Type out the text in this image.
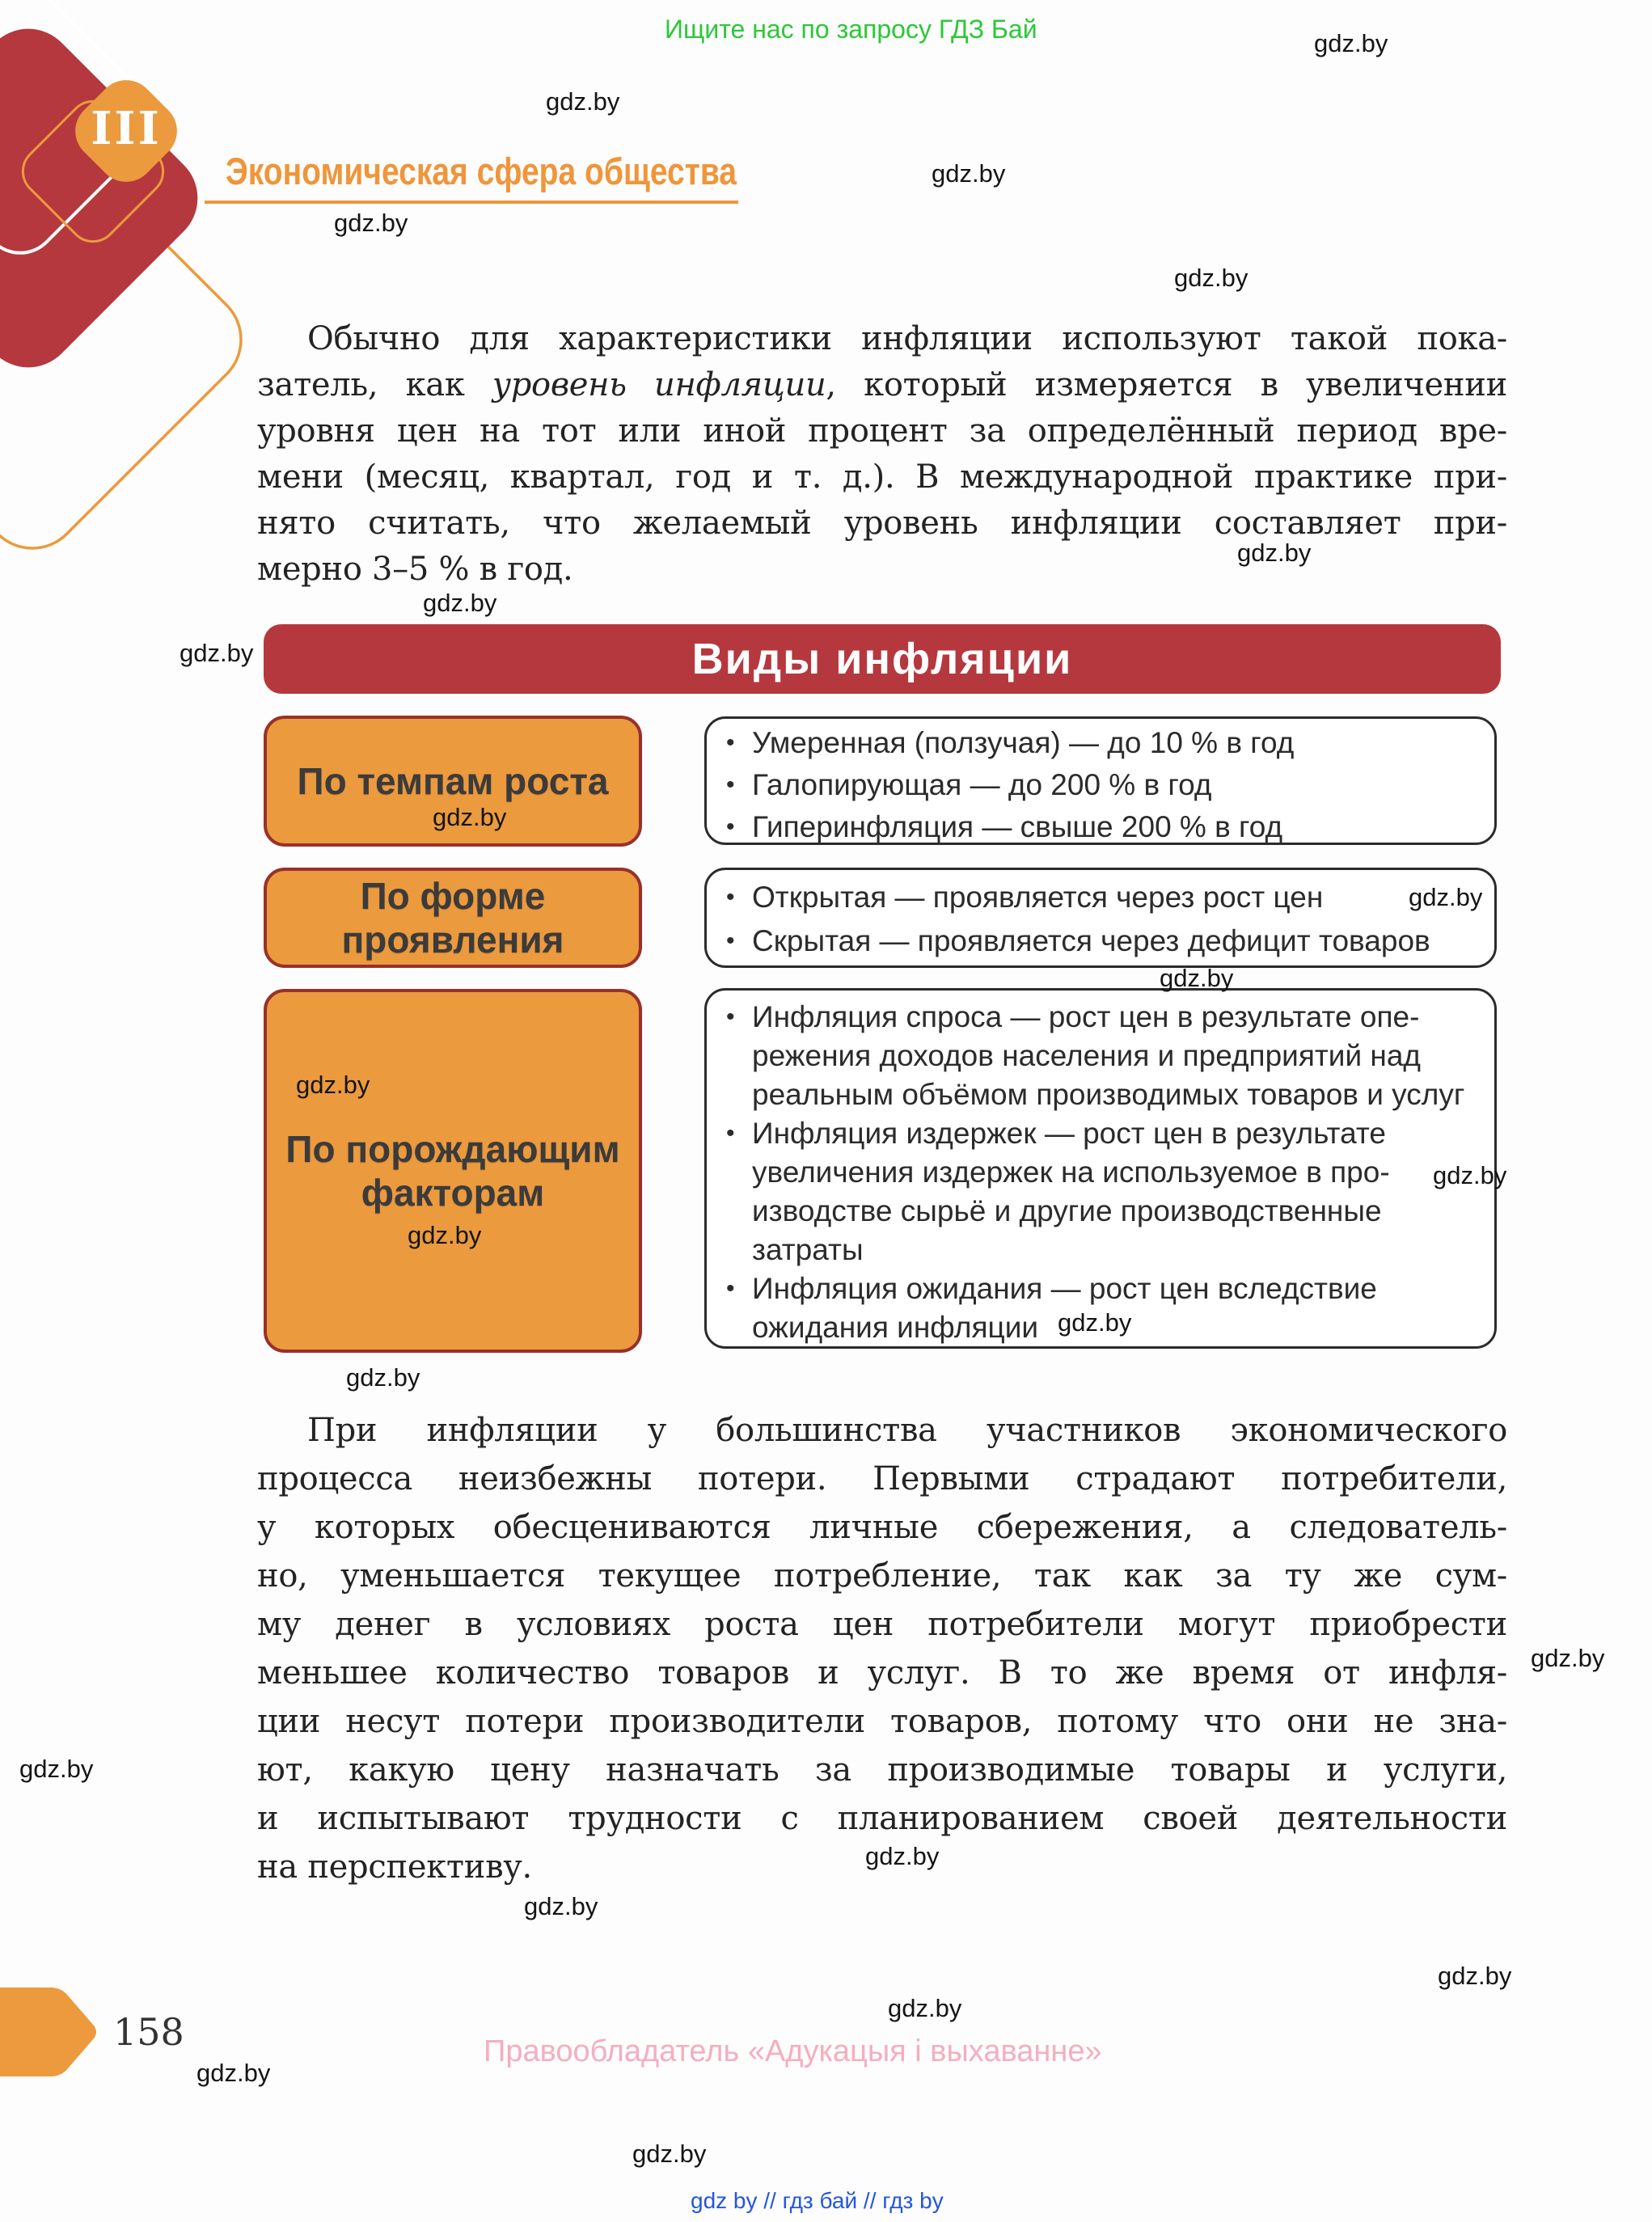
Ищите нас по запросу ГДЗ Бай
III
Экономическая сфера общества
Обычно для характеристики инфляции используют такой пока-
затель, как уровень инфляции, который измеряется в увеличении
уровня цен на тот или иной процент за определённый период вре-
мени (месяц, квартал, год и т. д.). В международной практике при-
нято считать, что желаемый уровень инфляции составляет при-
мерно 3–5 % в год.
Виды инфляции
По темпам роста
• Умеренная (ползучая) — до 10 % в год
• Галопирующая — до 200 % в год
• Гиперинфляция — свыше 200 % в год
По форме
проявления
• Открытая — проявляется через рост цен
• Скрытая — проявляется через дефицит товаров
По порождающим
факторам
• Инфляция спроса — рост цен в результате опе-
режения доходов населения и предприятий над
реальным объёмом производимых товаров и услуг
• Инфляция издержек — рост цен в результате
увеличения издержек на используемое в про-
изводстве сырьё и другие производственные
затраты
• Инфляция ожидания — рост цен вследствие
ожидания инфляции
При инфляции у большинства участников экономического
процесса неизбежны потери. Первыми страдают потребители,
у которых обесцениваются личные сбережения, а следователь-
но, уменьшается текущее потребление, так как за ту же сум-
му денег в условиях роста цен потребители могут приобрести
меньшее количество товаров и услуг. В то же время от инфля-
ции несут потери производители товаров, потому что они не зна-
ют, какую цену назначать за производимые товары и услуги,
и испытывают трудности с планированием своей деятельности
на перспективу.
158	Правообладатель «Адукацыя і выхаванне»
gdz by // гдз бай // гдз by
gdz.by
gdz.by
gdz.by
gdz.by
gdz.by
gdz.by
gdz.by
gdz.by
gdz.by
gdz.by
gdz.by
gdz.by
gdz.by
gdz.by
gdz.by
gdz.by
gdz.by
gdz.by
gdz.by
gdz.by
gdz.by
gdz.by
gdz.by
gdz.by
